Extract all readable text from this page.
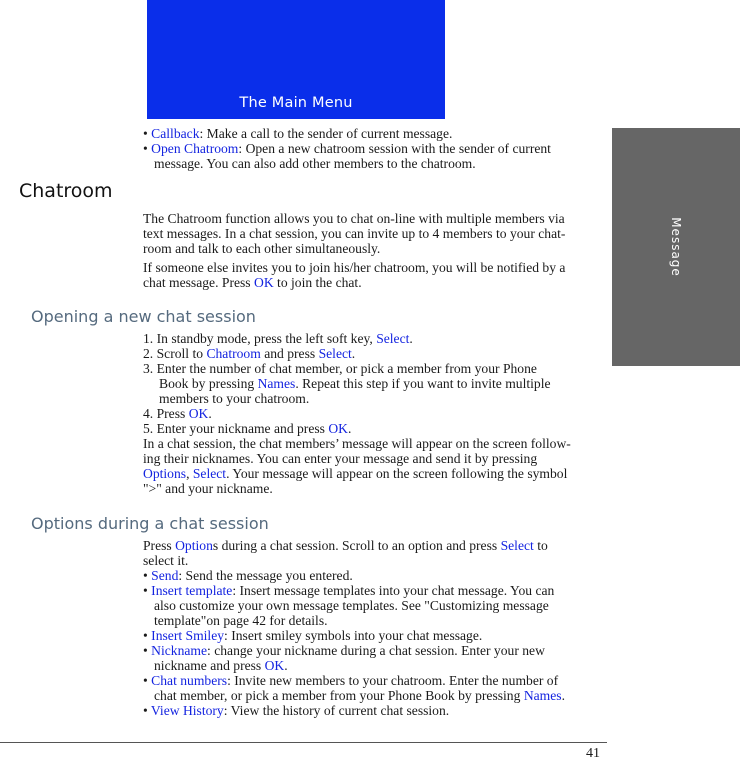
The Main Menu
Message
• Callback: Make a call to the sender of current message.
• Open Chatroom: Open a new chatroom session with the sender of current
message. You can also add other members to the chatroom.
Chatroom
The Chatroom function allows you to chat on-line with multiple members via
text messages. In a chat session, you can invite up to 4 members to your chat-
room and talk to each other simultaneously.
If someone else invites you to join his/her chatroom, you will be notified by a
chat message. Press OK to join the chat.
Opening a new chat session
1. In standby mode, press the left soft key, Select.
2. Scroll to Chatroom and press Select.
3. Enter the number of chat member, or pick a member from your Phone
Book by pressing Names. Repeat this step if you want to invite multiple
members to your chatroom.
4. Press OK.
5. Enter your nickname and press OK.
In a chat session, the chat members’ message will appear on the screen follow-
ing their nicknames. You can enter your message and send it by pressing
Options, Select. Your message will appear on the screen following the symbol
">" and your nickname.
Options during a chat session
Press Options during a chat session. Scroll to an option and press Select to
select it.
• Send: Send the message you entered.
• Insert template: Insert message templates into your chat message. You can
also customize your own message templates. See "Customizing message
template"on page 42 for details.
• Insert Smiley: Insert smiley symbols into your chat message.
• Nickname: change your nickname during a chat session. Enter your new
nickname and press OK.
• Chat numbers: Invite new members to your chatroom. Enter the number of
chat member, or pick a member from your Phone Book by pressing Names.
• View History: View the history of current chat session.
41
